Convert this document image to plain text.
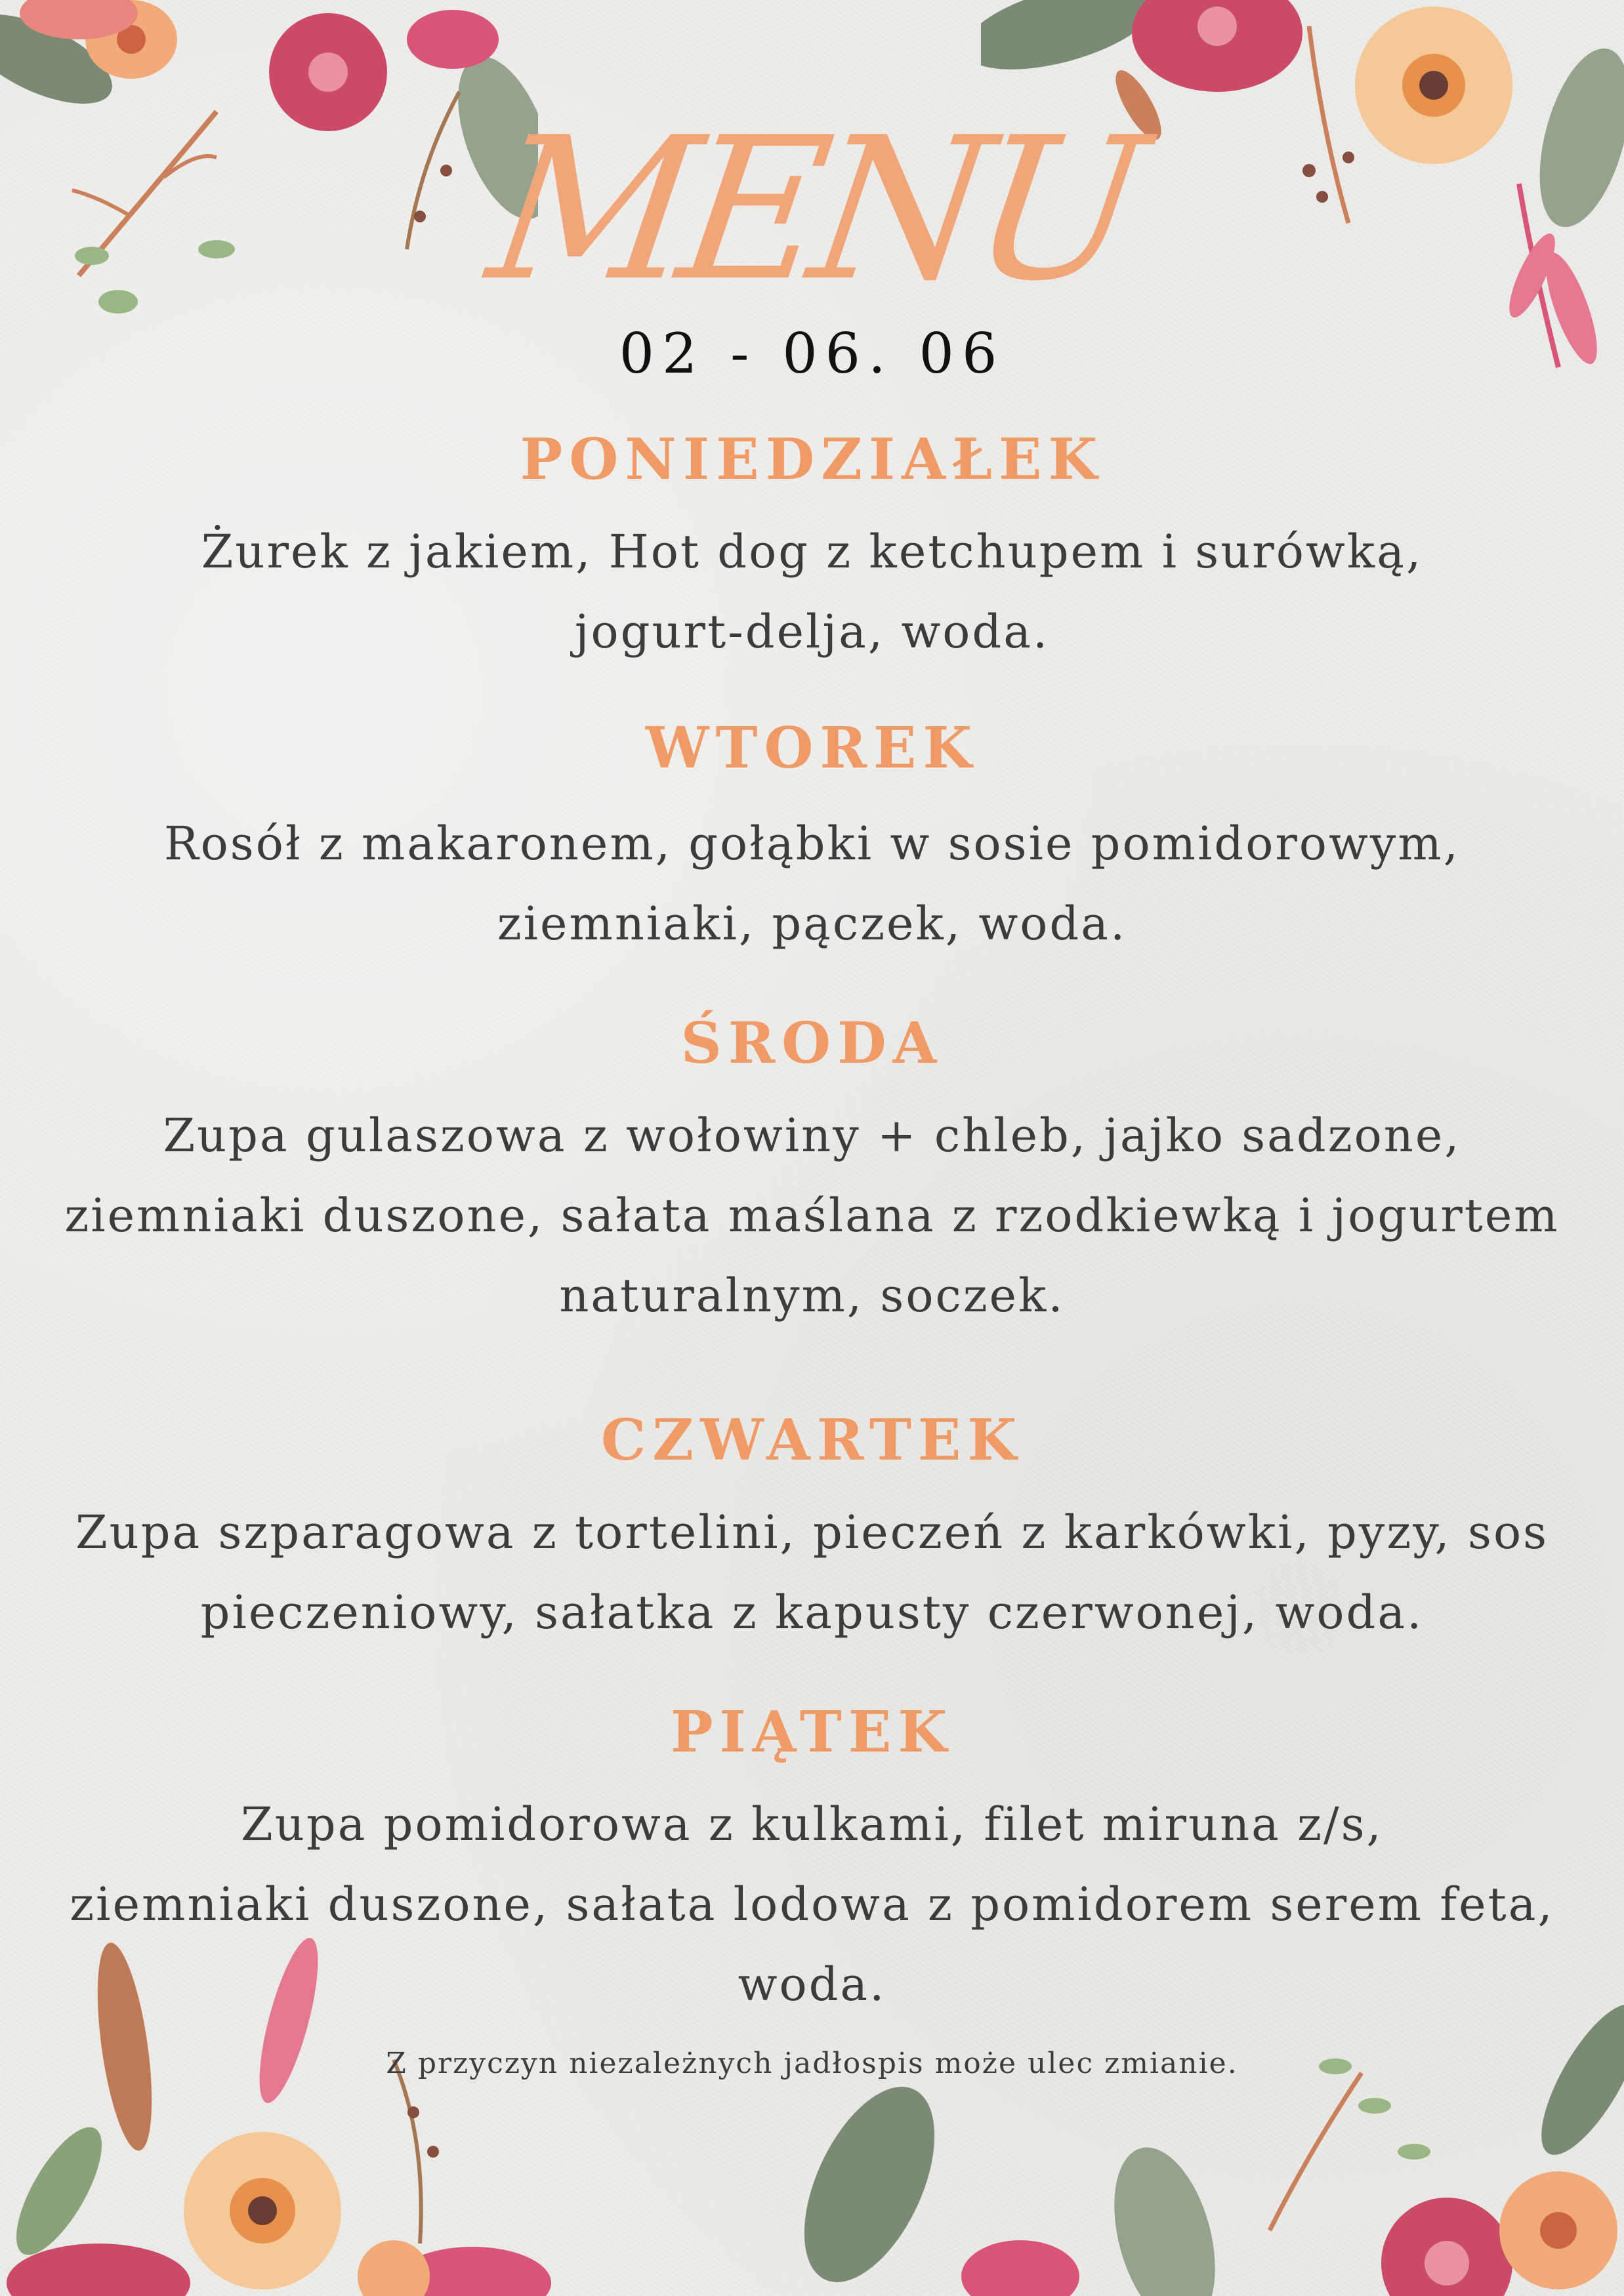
MENU
02 - 06. 06
PONIEDZIAŁEK
Żurek z jakiem, Hot dog z ketchupem i surówką,
jogurt-delja, woda.
WTOREK
Rosół z makaronem, gołąbki w sosie pomidorowym,
ziemniaki, pączek, woda.
ŚRODA
Zupa gulaszowa z wołowiny + chleb, jajko sadzone,
ziemniaki duszone, sałata maślana z rzodkiewką i jogurtem
naturalnym, soczek.
CZWARTEK
Zupa szparagowa z tortelini, pieczeń z karkówki, pyzy, sos
pieczeniowy, sałatka z kapusty czerwonej, woda.
PIĄTEK
Zupa pomidorowa z kulkami, filet miruna z/s,
ziemniaki duszone, sałata lodowa z pomidorem serem feta,
woda.
Z przyczyn niezależnych jadłospis może ulec zmianie.
